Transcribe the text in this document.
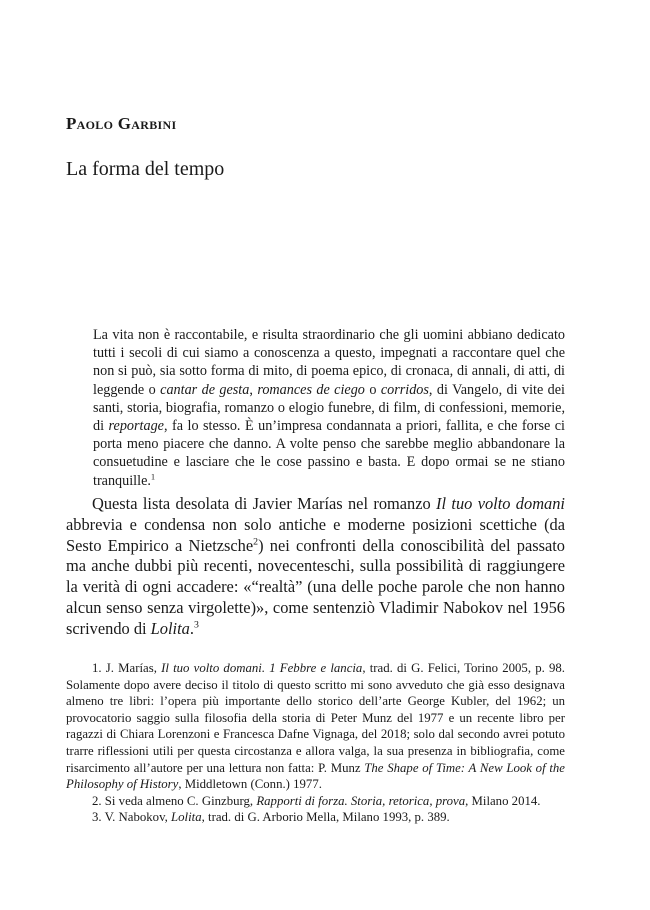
Paolo Garbini
La forma del tempo

La vita non è raccontabile, e risulta straordinario che gli uomini abbiano dedicato tutti i secoli di cui siamo a conoscenza a questo, impegnati a raccontare quel che non si può, sia sotto forma di mito, di poema epico, di cronaca, di annali, di atti, di leggende o cantar de gesta, romances de ciego o corridos, di Vangelo, di vite dei santi, storia, biografia, romanzo o elogio funebre, di film, di confessioni, memorie, di reportage, fa lo stesso. È un’impresa condannata a priori, fallita, e che forse ci porta meno piacere che danno. A volte penso che sarebbe meglio abbandonare la consuetudine e lasciare che le cose passino e basta. E dopo ormai se ne stiano tranquille.$^1$

Questa lista desolata di Javier Marías nel romanzo Il tuo volto domani abbrevia e condensa non solo antiche e moderne posizioni scettiche (da Sesto Empirico a Nietzsche$^2$) nei confronti della conoscibilità del passato ma anche dubbi più recenti, novecenteschi, sulla possibilità di raggiungere la verità di ogni accadere: «“realtà” (una delle poche parole che non hanno alcun senso senza virgolette)», come sentenziò Vladimir Nabokov nel 1956 scrivendo di Lolita.$^3$

1. J. Marías, Il tuo volto domani. 1 Febbre e lancia, trad. di G. Felici, Torino 2005, p. 98. Solamente dopo avere deciso il titolo di questo scritto mi sono avveduto che già esso designava almeno tre libri: l’opera più importante dello storico dell’arte George Kubler, del 1962; un provocatorio saggio sulla filosofia della storia di Peter Munz del 1977 e un recente libro per ragazzi di Chiara Lorenzoni e Francesca Dafne Vignaga, del 2018; solo dal secondo avrei potuto trarre riflessioni utili per questa circostanza e allora valga, la sua presenza in bibliografia, come risarcimento all’autore per una lettura non fatta: P. Munz The Shape of Time: A New Look of the Philosophy of History, Middletown (Conn.) 1977.

2. Si veda almeno C. Ginzburg, Rapporti di forza. Storia, retorica, prova, Milano 2014.

3. V. Nabokov, Lolita, trad. di G. Arborio Mella, Milano 1993, p. 389.
